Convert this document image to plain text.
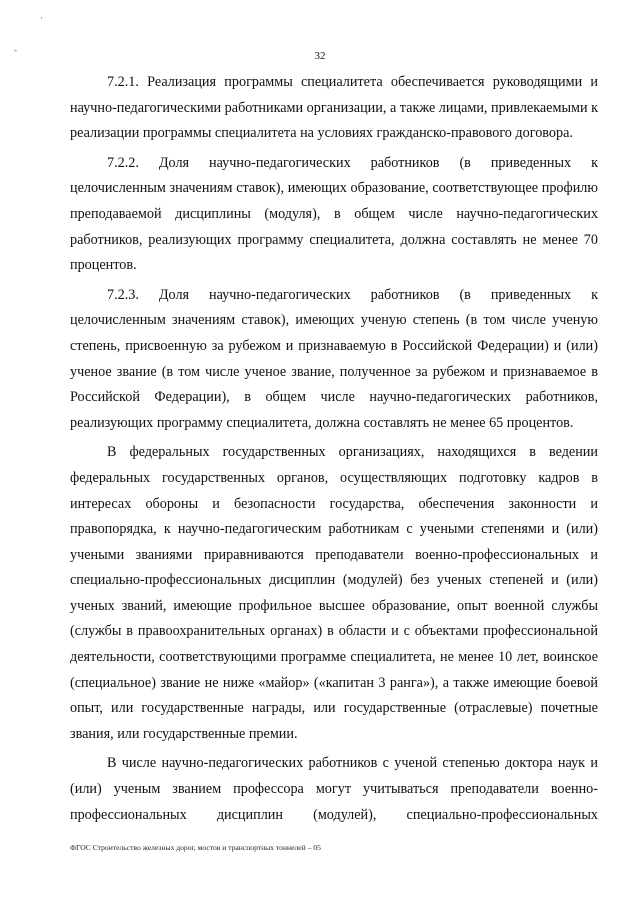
·
-	32

7.2.1. Реализация программы специалитета обеспечивается руководящими и научно-педагогическими работниками организации, а также лицами, привлекаемыми к реализации программы специалитета на условиях гражданско-правового договора.

7.2.2. Доля научно-педагогических работников (в приведенных к целочисленным значениям ставок), имеющих образование, соответствующее профилю преподаваемой дисциплины (модуля), в общем числе научно-педагогических работников, реализующих программу специалитета, должна составлять не менее 70 процентов.

7.2.3. Доля научно-педагогических работников (в приведенных к целочисленным значениям ставок), имеющих ученую степень (в том числе ученую степень, присвоенную за рубежом и признаваемую в Российской Федерации) и (или) ученое звание (в том числе ученое звание, полученное за рубежом и признаваемое в Российской Федерации), в общем числе научно-педагогических работников, реализующих программу специалитета, должна составлять не менее 65 процентов.

В федеральных государственных организациях, находящихся в ведении федеральных государственных органов, осуществляющих подготовку кадров в интересах обороны и безопасности государства, обеспечения законности и правопорядка, к научно-педагогическим работникам с учеными степенями и (или) учеными званиями приравниваются преподаватели военно-профессиональных и специально-профессиональных дисциплин (модулей) без ученых степеней и (или) ученых званий, имеющие профильное высшее образование, опыт военной службы (службы в правоохранительных органах) в области и с объектами профессиональной деятельности, соответствующими программе специалитета, не менее 10 лет, воинское (специальное) звание не ниже «майор» («капитан 3 ранга»), а также имеющие боевой опыт, или государственные награды, или государственные (отраслевые) почетные звания, или государственные премии.

В числе научно-педагогических работников с ученой степенью доктора наук и (или) ученым званием профессора могут учитываться преподаватели военно-профессиональных дисциплин (модулей), специально-профессиональных

ФГОС Строительство железных дорог, мостов и транспортных тоннелей – 05
